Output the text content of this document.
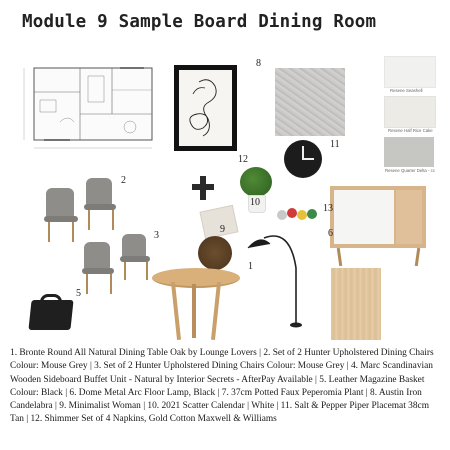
Module 9 Sample Board Dining Room
8
Resene Seashell
Resene Half Rice Cake
Resene Quarter Delta - cc
11
12
10
9
13
6
1
2
3
5
1. Bronte Round All Natural Dining Table Oak by Lounge Lovers | 2. Set of 2 Hunter Upholstered Dining Chairs Colour: Mouse Grey | 3. Set of 2 Hunter Upholstered Dining Chairs Colour: Mouse Grey | 4. Marc Scandinavian Wooden Sideboard Buffet Unit - Natural by Interior Secrets - AfterPay Available | 5. Leather Magazine Basket Colour: Black | 6. Dome Metal Arc Floor Lamp, Black | 7. 37cm Potted Faux Peperomia Plant | 8. Austin Iron Candelabra | 9. Minimalist Woman | 10. 2021 Scatter Calendar | White | 11. Salt & Pepper Piper Placemat 38cm Tan | 12. Shimmer Set of 4 Napkins, Gold Cotton Maxwell & Williams
